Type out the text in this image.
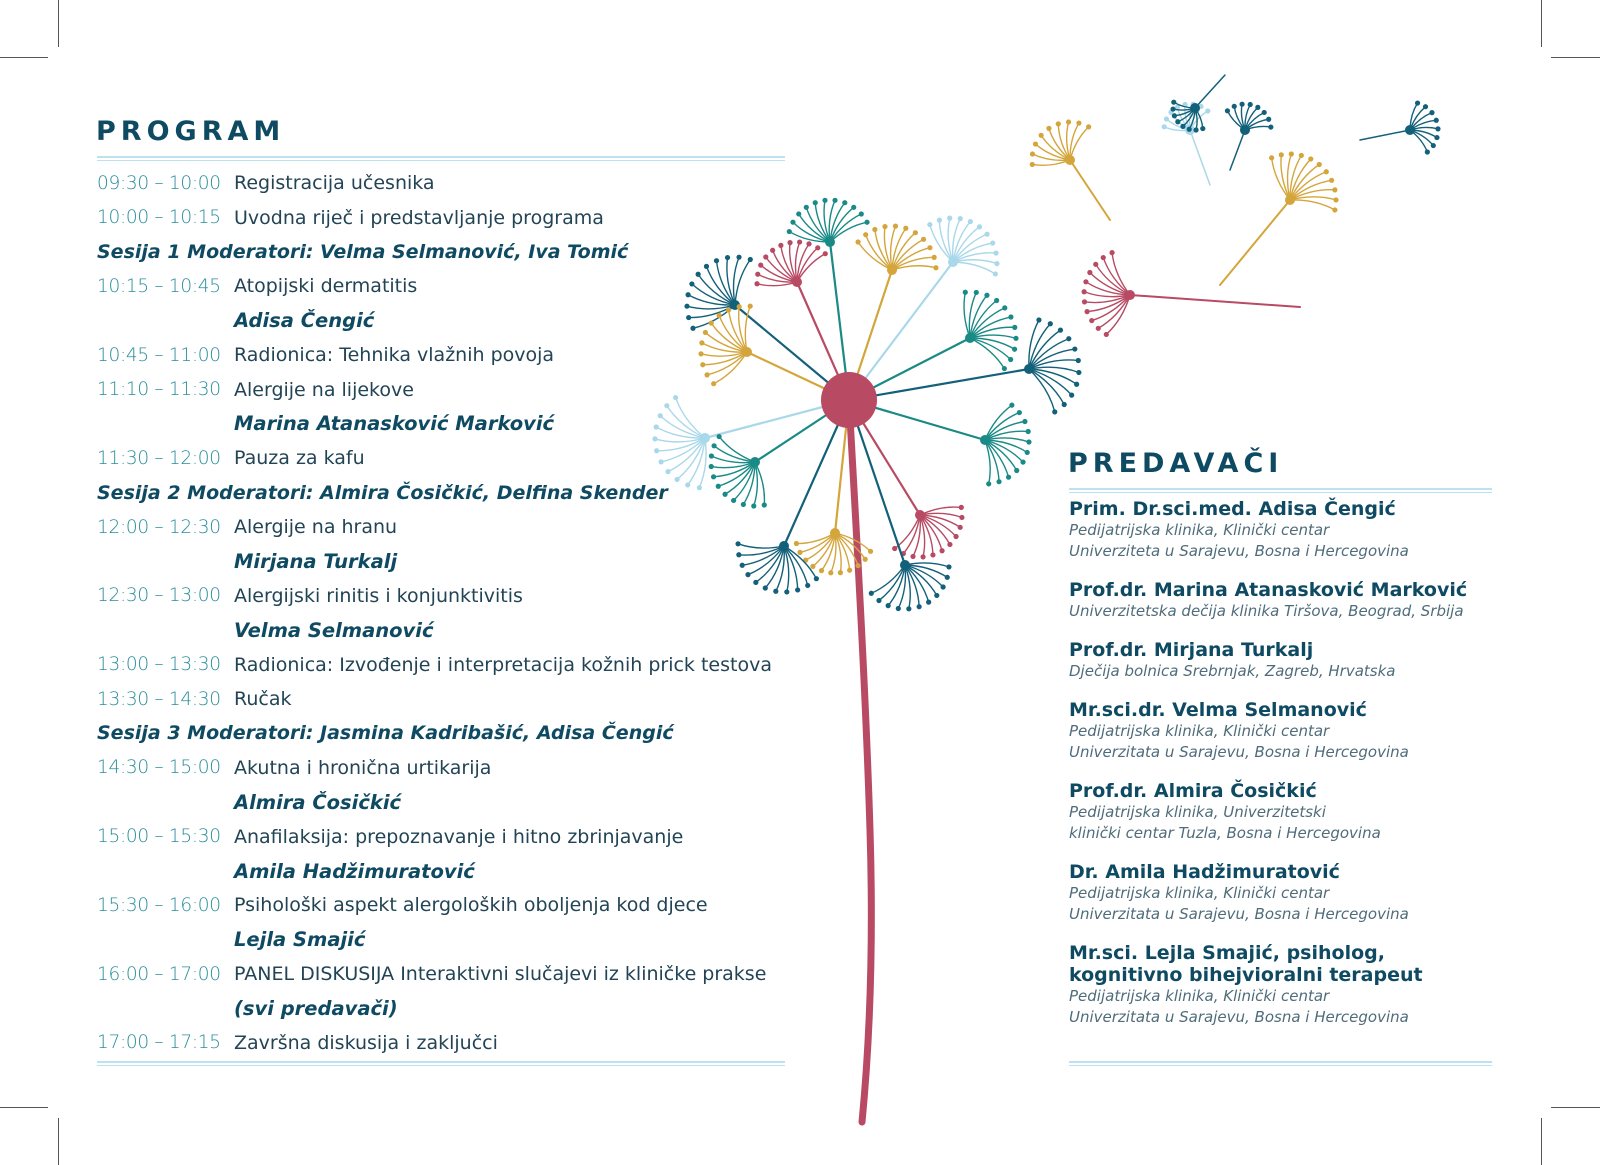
PROGRAM
09:30 – 10:00 Registracija učesnika
10:00 – 10:15 Uvodna riječ i predstavljanje programa
Sesija 1 Moderatori: Velma Selmanović, Iva Tomić
10:15 – 10:45 Atopijski dermatitis
Adisa Čengić
10:45 – 11:00 Radionica: Tehnika vlažnih povoja
11:10 – 11:30 Alergije na lijekove
Marina Atanasković Marković
11:30 – 12:00 Pauza za kafu
Sesija 2 Moderatori: Almira Čosičkić, Delfina Skender
12:00 – 12:30 Alergije na hranu
Mirjana Turkalj
12:30 – 13:00 Alergijski rinitis i konjunktivitis
Velma Selmanović
13:00 – 13:30 Radionica: Izvođenje i interpretacija kožnih prick testova
13:30 – 14:30 Ručak
Sesija 3 Moderatori: Jasmina Kadribašić, Adisa Čengić
14:30 – 15:00 Akutna i hronična urtikarija
Almira Čosičkić
15:00 – 15:30 Anafilaksija: prepoznavanje i hitno zbrinjavanje
Amila Hadžimuratović
15:30 – 16:00 Psihološki aspekt alergoloških oboljenja kod djece
Lejla Smajić
16:00 – 17:00 PANEL DISKUSIJA Interaktivni slučajevi iz kliničke prakse
(svi predavači)
17:00 – 17:15 Završna diskusija i zaključci
PREDAVAČI
Prim. Dr.sci.med. Adisa Čengić
Pedijatrijska klinika, Klinički centar
Univerziteta u Sarajevu, Bosna i Hercegovina
Prof.dr. Marina Atanasković Marković
Univerzitetska dečija klinika Tiršova, Beograd, Srbija
Prof.dr. Mirjana Turkalj
Dječija bolnica Srebrnjak, Zagreb, Hrvatska
Mr.sci.dr. Velma Selmanović
Pedijatrijska klinika, Klinički centar
Univerzitata u Sarajevu, Bosna i Hercegovina
Prof.dr. Almira Čosičkić
Pedijatrijska klinika, Univerzitetski
klinički centar Tuzla, Bosna i Hercegovina
Dr. Amila Hadžimuratović
Pedijatrijska klinika, Klinički centar
Univerzitata u Sarajevu, Bosna i Hercegovina
Mr.sci. Lejla Smajić, psiholog,
kognitivno bihejvioralni terapeut
Pedijatrijska klinika, Klinički centar
Univerzitata u Sarajevu, Bosna i Hercegovina
